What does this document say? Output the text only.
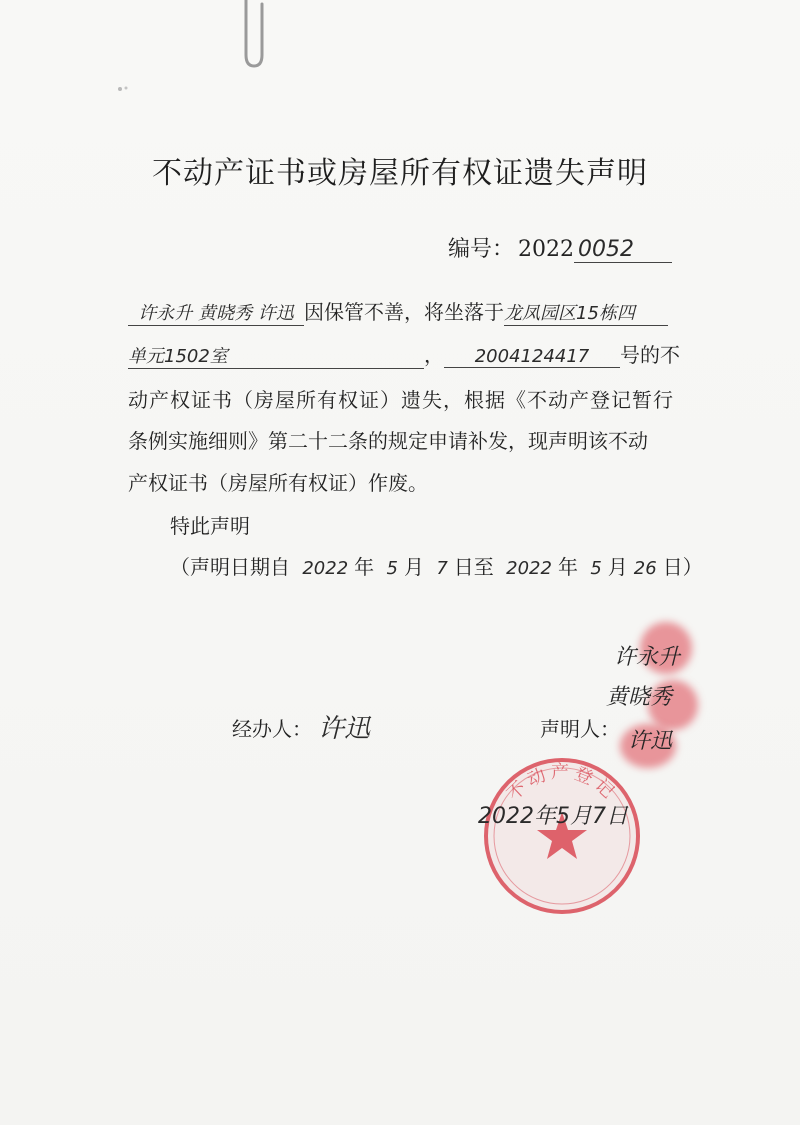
不动产证书或房屋所有权证遗失声明
编号： 2022 0052
许永升 黄晓秀 许迅 因保管不善，将坐落于龙凤园区15栋四
单元1502室	， 2004124417 号的不
动产权证书（房屋所有权证）遗失，根据《不动产登记暂行
条例实施细则》第二十二条的规定申请补发，现声明该不动
产权证书（房屋所有权证）作废。
特此声明
（声明日期自 2022 年 5 月 7 日至 2022 年 5 月 26 日）
经办人： 许迅	声明人：
许永升
黄晓秀
许迅
不动产登记
2022年5月7日
